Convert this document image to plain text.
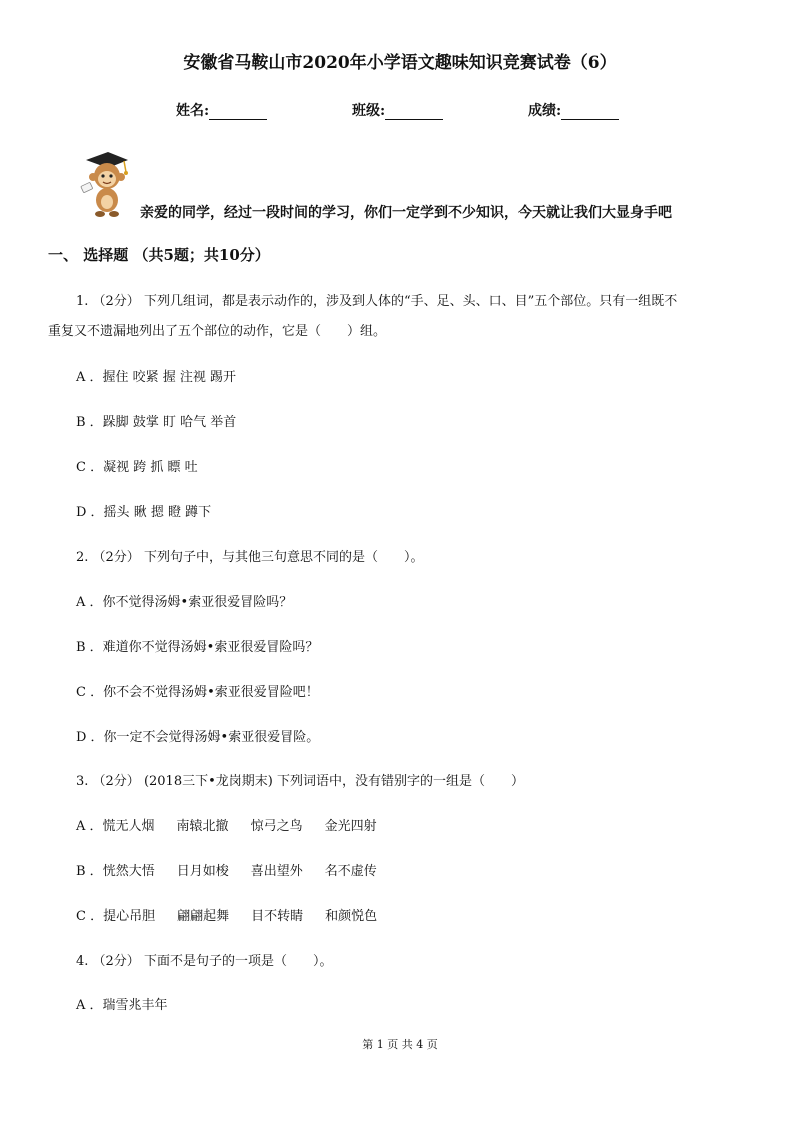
安徽省马鞍山市2020年小学语文趣味知识竞赛试卷（6）
姓名:	班级:	成绩:
亲爱的同学，经过一段时间的学习，你们一定学到不少知识，今天就让我们大显身手吧
一、 选择题 （共5题；共10分）
1. （2分） 下列几组词，都是表示动作的，涉及到人体的“手、足、头、口、目”五个部位。只有一组既不
重复又不遗漏地列出了五个部位的动作，它是（　　）组。
A ．握住 咬紧 握 注视 踢开
B ．跺脚 鼓掌 盯 哈气 举首
C ．凝视 跨 抓 瞟 吐
D ．摇头 瞅 摁 瞪 蹲下
2. （2分） 下列句子中，与其他三句意思不同的是（　　）。
A ．你不觉得汤姆•索亚很爱冒险吗？
B ．难道你不觉得汤姆•索亚很爱冒险吗？
C ．你不会不觉得汤姆•索亚很爱冒险吧！
D ．你一定不会觉得汤姆•索亚很爱冒险。
3. （2分） (2018三下•龙岗期末) 下列词语中，没有错别字的一组是（　　）
A ．慌无人烟 南辕北撤 惊弓之鸟 金光四射
B ．恍然大悟 日月如梭 喜出望外 名不虚传
C ．提心吊胆 翩翩起舞 目不转睛 和颜悦色
4. （2分） 下面不是句子的一项是（　　）。
A ．瑞雪兆丰年
第 1 页 共 4 页
